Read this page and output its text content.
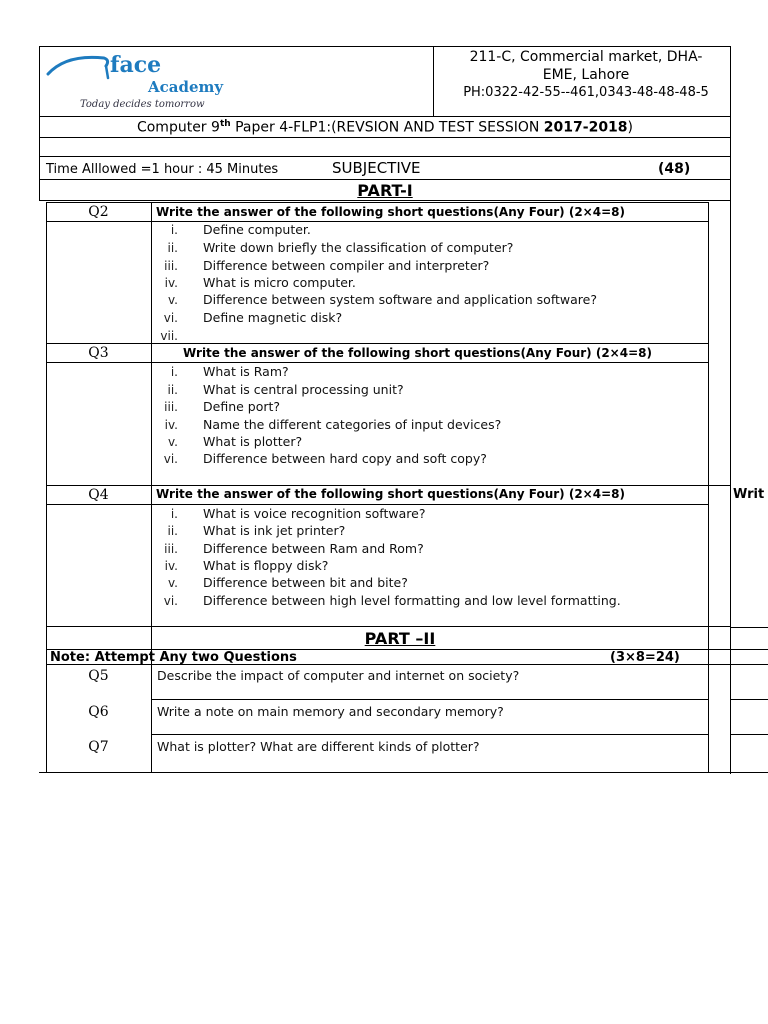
face
Academy
Today decides tomorrow
211-C, Commercial market, DHA-
EME, Lahore
PH:0322-42-55--461,0343-48-48-48-5
Computer 9th Paper 4-FLP1:(REVSION AND TEST SESSION 2017-2018)
Time Alllowed =1 hour : 45 Minutes	SUBJECTIVE	(48)
PART-I
Q2	Write the answer of the following short questions(Any Four) (2×4=8)
i. Define computer.
ii. Write down briefly the classification of computer?
iii. Difference between compiler and interpreter?
iv. What is micro computer.
v. Difference between system software and application software?
vi. Define magnetic disk?
vii.
Q3	Write the answer of the following short questions(Any Four) (2×4=8)
i. What is Ram?
ii. What is central processing unit?
iii. Define port?
iv. Name the different categories of input devices?
v. What is plotter?
vi. Difference between hard copy and soft copy?
Q4	Write the answer of the following short questions(Any Four) (2×4=8)	Writ
i. What is voice recognition software?
ii. What is ink jet printer?
iii. Difference between Ram and Rom?
iv. What is floppy disk?
v. Difference between bit and bite?
vi. Difference between high level formatting and low level formatting.
PART –II
Note: Attempt Any two Questions	(3×8=24)
Q5	Describe the impact of computer and internet on society?
Q6	Write a note on main memory and secondary memory?
Q7	What is plotter? What are different kinds of plotter?
